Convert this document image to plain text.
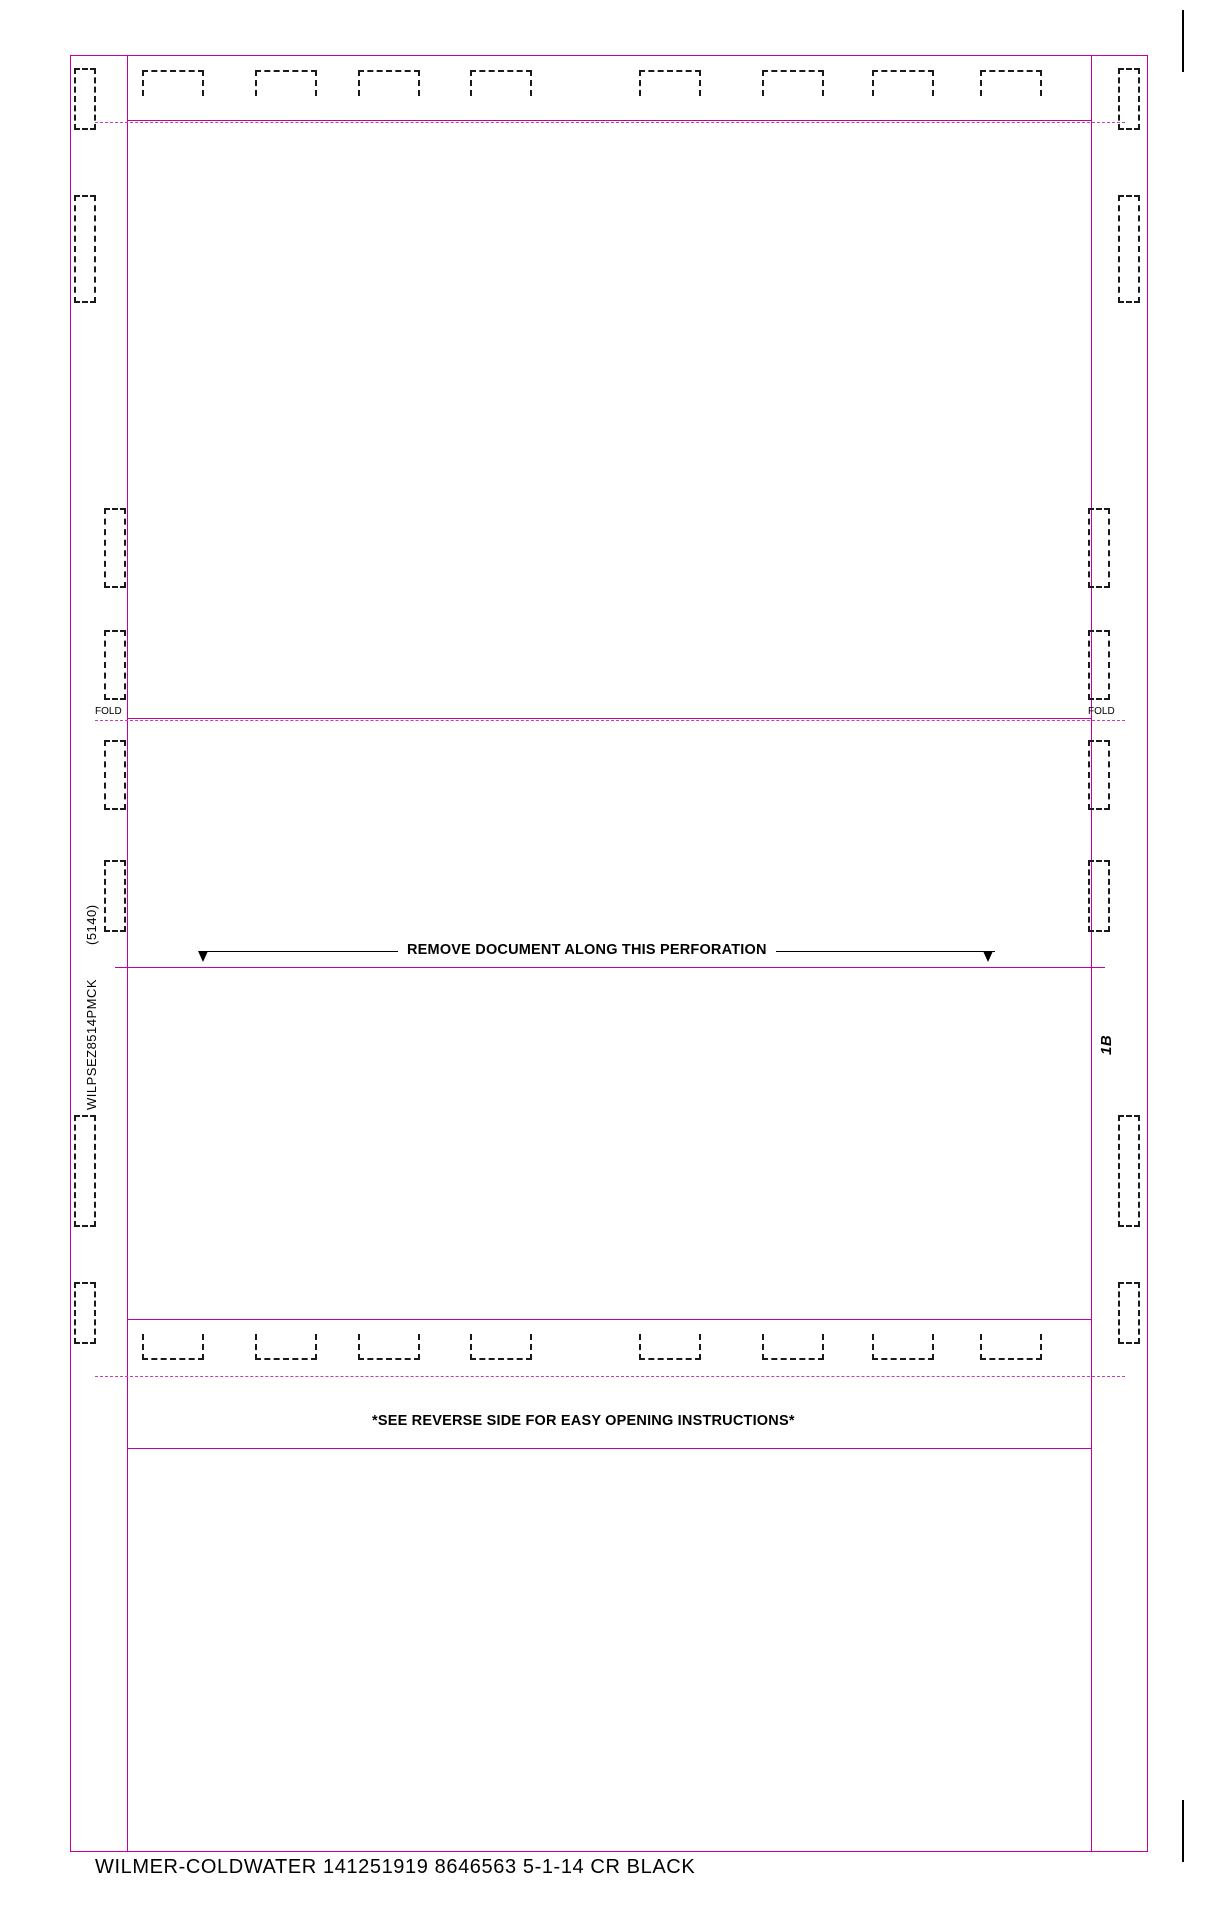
FOLD	FOLD
WILPSEZ8514PMCK
(5140)
1B
REMOVE DOCUMENT ALONG THIS PERFORATION
*SEE REVERSE SIDE FOR EASY OPENING INSTRUCTIONS*
WILMER-COLDWATER 141251919 8646563 5-1-14 CR BLACK
